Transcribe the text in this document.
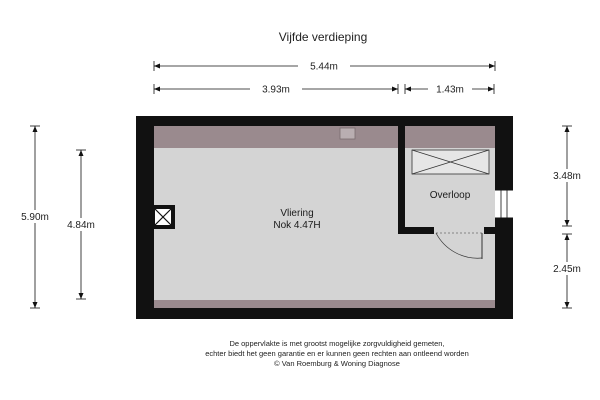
Vijfde verdieping
5.44m
3.93m	1.43m
5.90m
4.84m
3.48m
2.45m
Vliering
Nok 4.47H
Overloop
De oppervlakte is met grootst mogelijke zorgvuldigheid gemeten,
echter biedt het geen garantie en er kunnen geen rechten aan ontleend worden
© Van Roemburg & Woning Diagnose
